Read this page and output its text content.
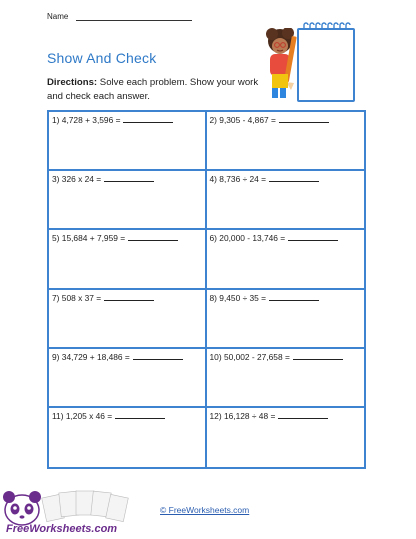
Name
Show And Check
Directions: Solve each problem. Show your work and check each answer.
1) 4,728 + 3,596 =	2) 9,305 - 4,867 =
3) 326 x 24 =	4) 8,736 ÷ 24 =
5) 15,684 + 7,959 =	6) 20,000 - 13,746 =
7) 508 x 37 =	8) 9,450 ÷ 35 =
9) 34,729 + 18,486 =	10) 50,002 - 27,658 =
11) 1,205 x 46 =	12) 16,128 ÷ 48 =
FreeWorksheets.com
© FreeWorksheets.com
